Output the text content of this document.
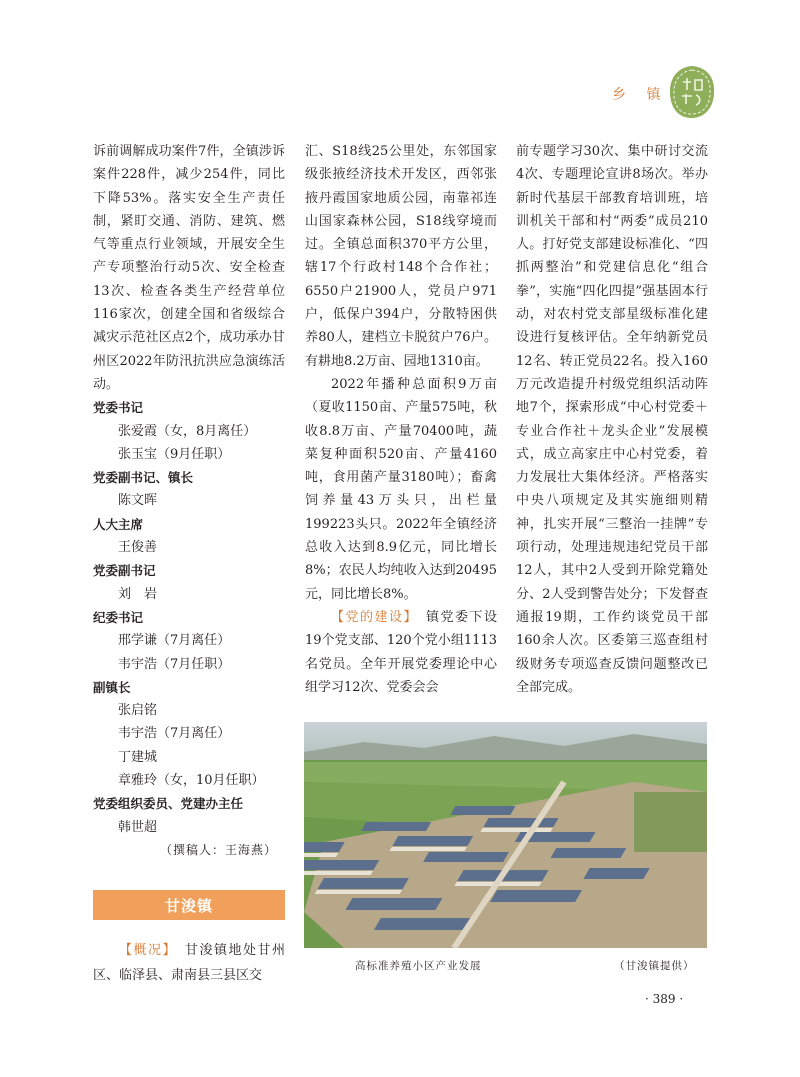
乡 镇

诉前调解成功案件7件，全镇涉诉案件228件，减少254件，同比下降53%。落实安全生产责任制，紧盯交通、消防、建筑、燃气等重点行业领域，开展安全生产专项整治行动5次、安全检查13次、检查各类生产经营单位116家次，创建全国和省级综合减灾示范社区点2个，成功承办甘州区2022年防汛抗洪应急演练活动。

党委书记

张爱霞（女，8月离任）

张玉宝（9月任职）

党委副书记、镇长

陈文晖

人大主席

王俊善

党委副书记

刘　岩

纪委书记

邢学谦（7月离任）

韦宇浩（7月任职）

副镇长

张启铭

韦宇浩（7月离任）

丁建城

章雅玲（女，10月任职）

党委组织委员、党建办主任

韩世超

（撰稿人：王海燕）

甘浚镇

【概况】　 甘浚镇地处甘州区、临泽县、肃南县三县区交

汇、S18线25公里处，东邻国家级张掖经济技术开发区，西邻张掖丹霞国家地质公园，南靠祁连山国家森林公园，S18线穿境而过。全镇总面积370平方公里，辖17个行政村148个合作社；6550户21900人，党员户971户，低保户394户，分散特困供养80人，建档立卡脱贫户76户。有耕地8.2万亩、园地1310亩。

2022年播种总面积9万亩（夏收1150亩、产量575吨，秋收8.8万亩、产量70400吨，蔬菜复种面积520亩、产量4160吨，食用菌产量3180吨）；畜禽饲养量43万头只，出栏量199223头只。2022年全镇经济总收入达到8.9亿元，同比增长8%；农民人均纯收入达到20495元，同比增长8%。

【党的建设】　 镇党委下设19个党支部、120个党小组1113名党员。全年开展党委理论中心组学习12次、党委会会

前专题学习30次、集中研讨交流4次、专题理论宣讲8场次。举办新时代基层干部教育培训班，培训机关干部和村“两委”成员210人。打好党支部建设标准化、“四抓两整治”和党建信息化“组合拳”，实施“四化四提”强基固本行动，对农村党支部星级标准化建设进行复核评估。全年纳新党员12名、转正党员22名。投入160万元改造提升村级党组织活动阵地7个，探索形成“中心村党委＋专业合作社＋龙头企业”发展模式，成立高家庄中心村党委，着力发展壮大集体经济。严格落实中央八项规定及其实施细则精神，扎实开展“三整治一挂牌”专项行动，处理违规违纪党员干部12人，其中2人受到开除党籍处分、2人受到警告处分；下发督查通报19期，工作约谈党员干部160余人次。区委第三巡查组村级财务专项巡查反馈问题整改已全部完成。

高标准养殖小区产业发展	（甘浚镇提供）
· 389 ·
